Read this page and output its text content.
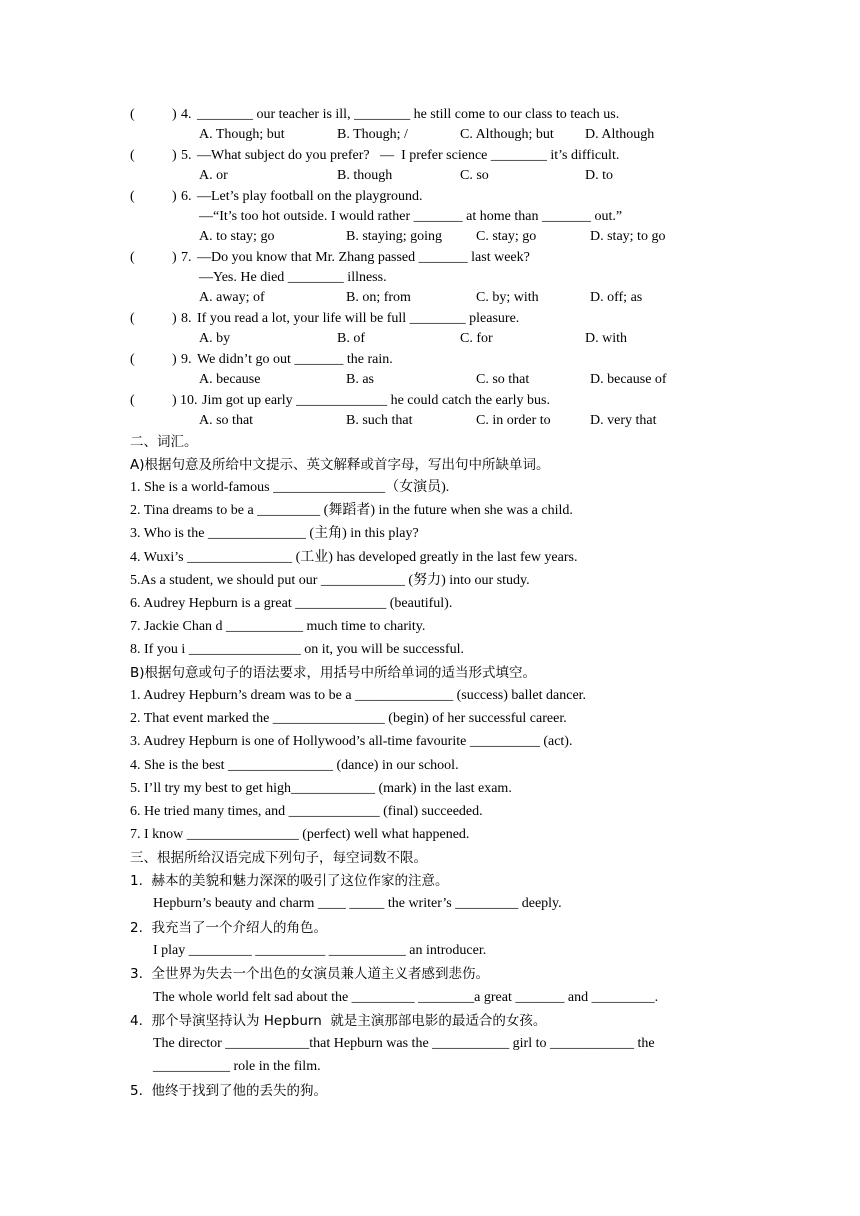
(	) 4. ________ our teacher is ill, ________ he still come to our class to teach us.
A. Though; but	B. Though; /	C. Although; but D. Although
(	) 5. —What subject do you prefer?   —  I prefer science ________ it’s difficult.
A. or	B. though	C. so	D. to
(	) 6. —Let’s play football on the playground.
—“It’s too hot outside. I would rather _______ at home than _______ out.”
A. to stay; go	B. staying; going C. stay; go	D. stay; to go
(	) 7. —Do you know that Mr. Zhang passed _______ last week?
—Yes. He died ________ illness.
A. away; of	B. on; from	C. by; with	D. off; as
(	) 8. If you read a lot, your life will be full ________ pleasure.
A. by	B. of	C. for	D. with
(	) 9. We didn’t go out _______ the rain.
A. because	B. as	C. so that	D. because of
(	) 10. Jim got up early _____________ he could catch the early bus.
A. so that	B. such that	C. in order to	D. very that
二、词汇。
A)根据句意及所给中文提示、英文解释或首字母，写出句中所缺单词。
1. She is a world-famous ________________（女演员).
2. Tina dreams to be a _________ (舞蹈者) in the future when she was a child.
3. Who is the ______________ (主角) in this play?
4. Wuxi’s _______________ (工业) has developed greatly in the last few years.
5.As a student, we should put our ____________ (努力) into our study.
6. Audrey Hepburn is a great _____________ (beautiful).
7. Jackie Chan d ___________ much time to charity.
8. If you i ________________ on it, you will be successful.
B)根据句意或句子的语法要求，用括号中所给单词的适当形式填空。
1. Audrey Hepburn’s dream was to be a ______________ (success) ballet dancer.
2. That event marked the ________________ (begin) of her successful career.
3. Audrey Hepburn is one of Hollywood’s all-time favourite __________ (act).
4. She is the best _______________ (dance) in our school.
5. I’ll try my best to get high____________ (mark) in the last exam.
6. He tried many times, and _____________ (final) succeeded.
7. I know ________________ (perfect) well what happened.
三、根据所给汉语完成下列句子，每空词数不限。
1.  赫本的美貌和魅力深深的吸引了这位作家的注意。
Hepburn’s beauty and charm ____ _____ the writer’s _________ deeply.
2.  我充当了一个介绍人的角色。
I play _________ __________ ___________ an introducer.
3.  全世界为失去一个出色的女演员兼人道主义者感到悲伤。
The whole world felt sad about the _________ ________a great _______ and _________.
4.  那个导演坚持认为 Hepburn  就是主演那部电影的最适合的女孩。
The director ____________that Hepburn was the ___________ girl to ____________ the
___________ role in the film.
5.  他终于找到了他的丢失的狗。
